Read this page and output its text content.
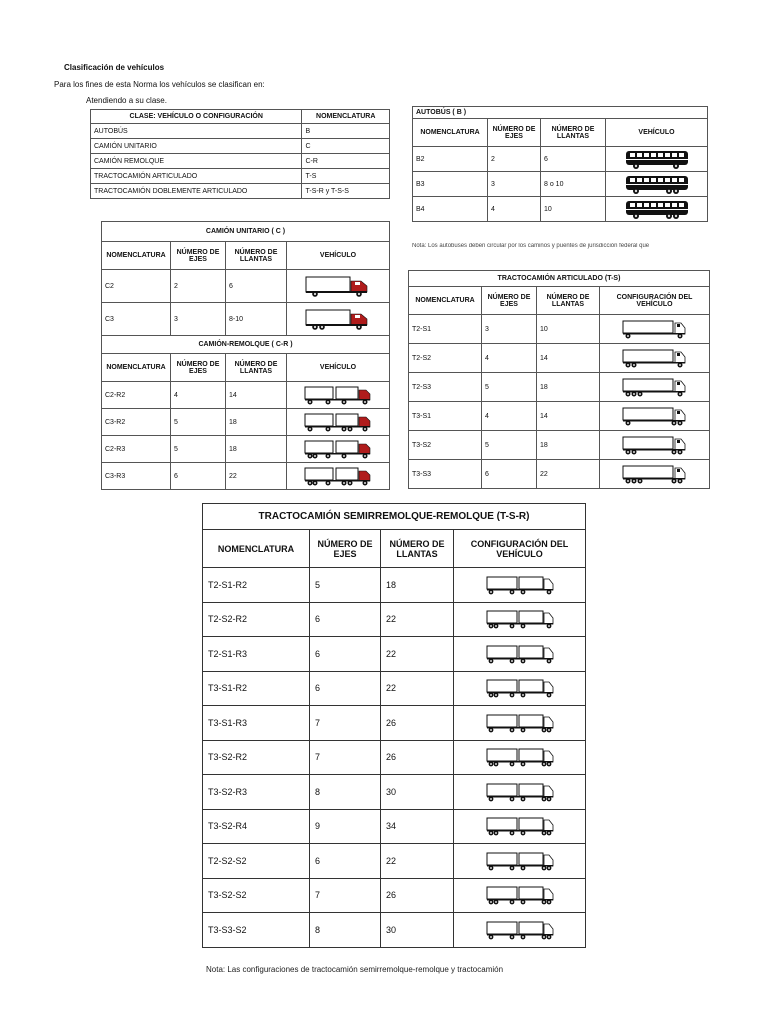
Clasificación de vehículos
Para los fines de esta Norma los vehículos se clasifican en:
Atendiendo a su clase.
CLASE: VEHÍCULO O CONFIGURACIÓN	NOMENCLATURA
AUTOBÚS	B
CAMIÓN UNITARIO	C
CAMIÓN REMOLQUE	C-R
TRACTOCAMIÓN ARTICULADO	T-S
TRACTOCAMIÓN DOBLEMENTE ARTICULADO	T-S-R y T-S-S
AUTOBÚS ( B )			
NOMENCLATURA	NÚMERO DE EJES	NÚMERO DE LLANTAS	VEHÍCULO
B2	2	6	

B3	3	8 o 10	

B4	4	10	
Nota: Los autobuses deben circular por los caminos y puentes de jurisdicción federal que
CAMIÓN UNITARIO ( C )			
NOMENCLATURA	NÚMERO DE EJES	NÚMERO DE LLANTAS	VEHÍCULO
C2	2	6	

C3	3	8-10	

CAMIÓN-REMOLQUE ( C-R )			
NOMENCLATURA	NÚMERO DE EJES	NÚMERO DE LLANTAS	VEHÍCULO
C2-R2	4	14	

C3-R2	5	18	

C2-R3	5	18	

C3-R3	6	22	
TRACTOCAMIÓN ARTICULADO (T-S)			
NOMENCLATURA	NÚMERO DE EJES	NÚMERO DE LLANTAS	CONFIGURACIÓN DEL VEHÍCULO
T2-S1	3	10	

T2-S2	4	14	

T2-S3	5	18	

T3-S1	4	14	

T3-S2	5	18	

T3-S3	6	22	
TRACTOCAMIÓN SEMIRREMOLQUE-REMOLQUE (T-S-R)			
NOMENCLATURA	NÚMERO DE EJES	NÚMERO DE LLANTAS	CONFIGURACIÓN DEL VEHÍCULO
T2-S1-R2	5	18	

T2-S2-R2	6	22	

T2-S1-R3	6	22	

T3-S1-R2	6	22	

T3-S1-R3	7	26	

T3-S2-R2	7	26	

T3-S2-R3	8	30	

T3-S2-R4	9	34	

T2-S2-S2	6	22	

T3-S2-S2	7	26	

T3-S3-S2	8	30	
Nota: Las configuraciones de tractocamión semirremolque-remolque y tractocamión
